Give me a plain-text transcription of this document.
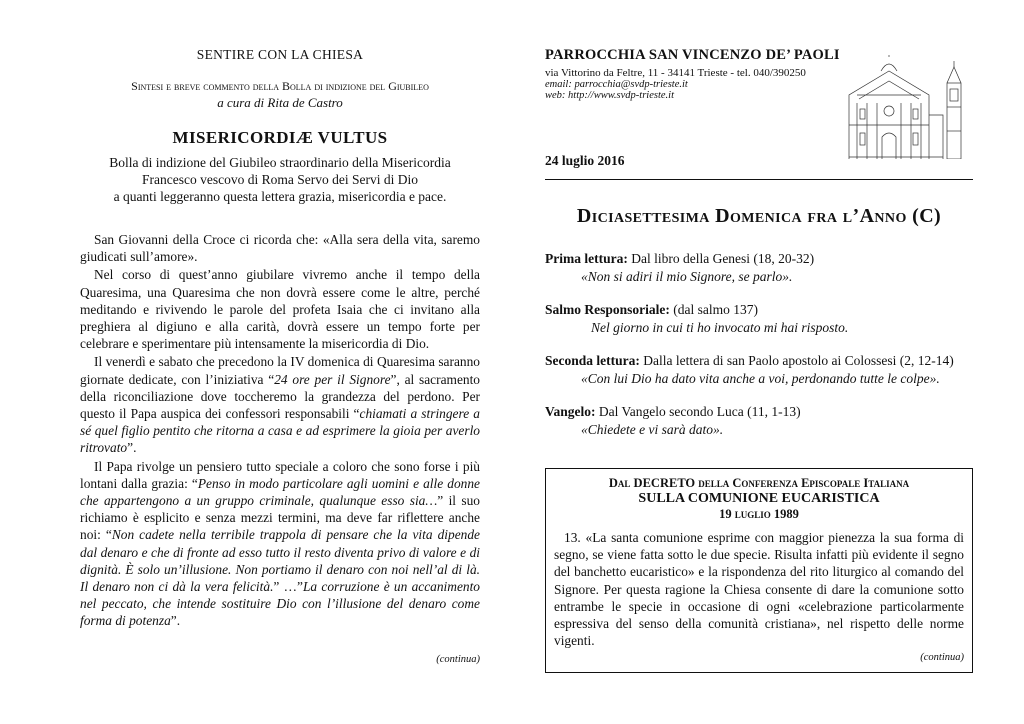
SENTIRE CON LA CHIESA
Sintesi e breve commento della Bolla di indizione del Giubileo
a cura di Rita de Castro
MISERICORDIÆ VULTUS
Bolla di indizione del Giubileo straordinario della Misericordia
Francesco vescovo di Roma Servo dei Servi di Dio
a quanti leggeranno questa lettera grazia, misericordia e pace.

San Giovanni della Croce ci ricorda che: «Alla sera della vita, saremo giudicati sull’amore».

Nel corso di quest’anno giubilare vivremo anche il tempo della Quaresima, una Quaresima che non dovrà essere come le altre, perché meditando e rivivendo le parole del profeta Isaia che ci invitano alla preghiera al digiuno e alla carità, dovrà essere un tempo forte per celebrare e sperimentare più intensamente la misericordia di Dio.

Il venerdì e sabato che precedono la IV domenica di Quaresima saranno giornate dedicate, con l’iniziativa “24 ore per il Signore”, al sacramento della riconciliazione dove toccheremo la grandezza del perdono. Per questo il Papa auspica dei confessori responsabili “chiamati a stringere a sé quel figlio pentito che ritorna a casa e ad esprimere la gioia per averlo ritrovato”.

Il Papa rivolge un pensiero tutto speciale a coloro che sono forse i più lontani dalla grazia: “Penso in modo particolare agli uomini e alle donne che appartengono a un gruppo criminale, qualunque esso sia…” il suo richiamo è esplicito e senza mezzi termini, ma deve far riflettere anche noi: “Non cadete nella terribile trappola di pensare che la vita dipende dal denaro e che di fronte ad esso tutto il resto diventa privo di valore e di dignità. È solo un’illusione. Non portiamo il denaro con noi nell’al di là. Il denaro non ci dà la vera felicità.” …”La corruzione è un accanimento nel peccato, che intende sostituire Dio con l’illusione del denaro come forma di potenza”.

(continua)
PARROCCHIA SAN VINCENZO DE’ PAOLI
via Vittorino da Feltre, 11 - 34141 Trieste - tel. 040/390250
email: parrocchia@svdp-trieste.it
web: http://www.svdp-trieste.it
24 luglio 2016
Diciasettesima Domenica fra l’Anno (C)
Prima lettura: Dal libro della Genesi (18, 20-32)
«Non si adiri il mio Signore, se parlo».
Salmo Responsoriale: (dal salmo 137)
Nel giorno in cui ti ho invocato mi hai risposto.
Seconda lettura: Dalla lettera di san Paolo apostolo ai Colossesi (2, 12-14)
«Con lui Dio ha dato vita anche a voi, perdonando tutte le colpe».
Vangelo: Dal Vangelo secondo Luca (11, 1-13)
«Chiedete e vi sarà dato».
Dal DECRETO della Conferenza Episcopale Italiana
SULLA COMUNIONE EUCARISTICA
19 luglio 1989
13. «La santa comunione esprime con maggior pienezza la sua forma di segno, se viene fatta sotto le due specie. Risulta infatti più evidente il segno del banchetto eucaristico» e la rispondenza del rito liturgico al comando del Signore. Per questa ragione la Chiesa consente di dare la comunione sotto entrambe le specie in occasione di ogni «celebrazione particolarmente espressiva del senso della comunità cristiana», nel rispetto delle norme vigenti.
(continua)
